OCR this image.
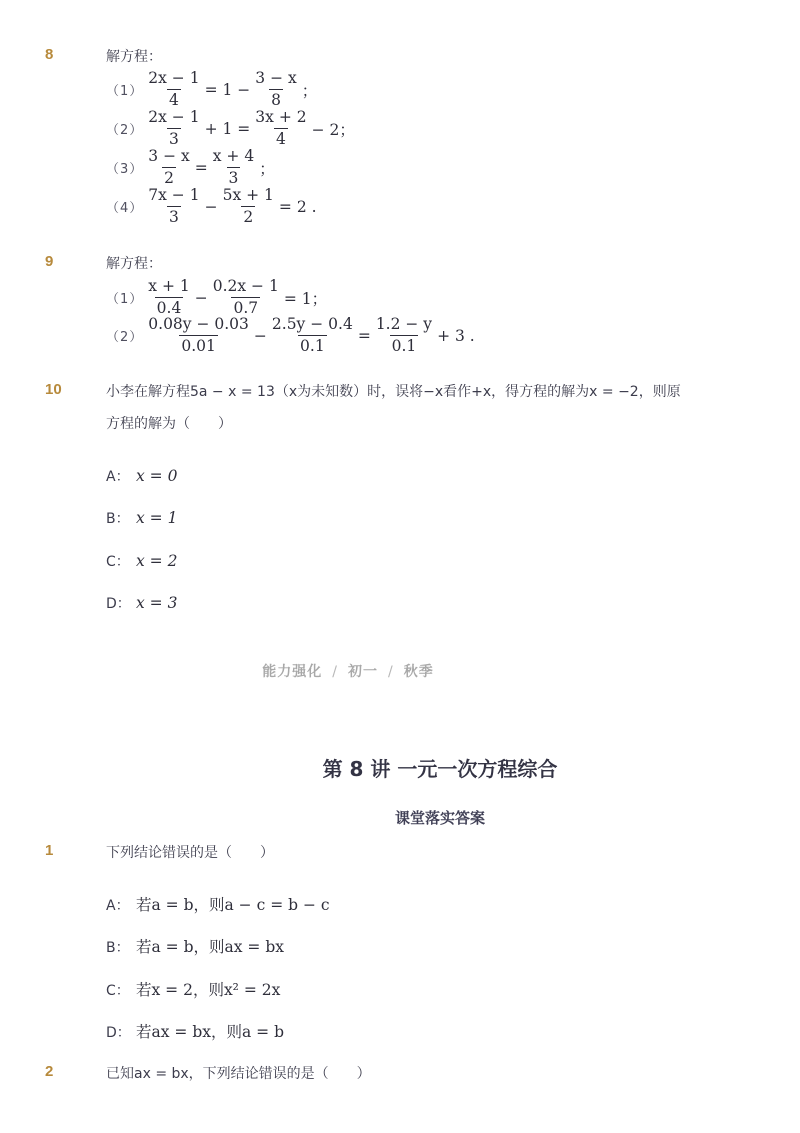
8	解方程：
$(1) \frac{2x - 1}{4} = 1 - \frac{3 - x}{8}$ ；
$(2) \frac{2x - 1}{3} + 1 = \frac{3x + 2}{4} - 2$；
$(3) \frac{3 - x}{2} = \frac{x + 4}{3}$ ；
$(4) \frac{7x - 1}{3} - \frac{5x + 1}{2} = 2$ .
9	解方程：
$(1) \frac{x + 1}{0.4} - \frac{0.2x - 1}{0.7} = 1$；
$(2) \frac{0.08y - 0.03}{0.01} - \frac{2.5y - 0.4}{0.1} = \frac{1.2 - y}{0.1} + 3$ .
10	小李在解方程5a − x = 13（x为未知数）时，误将−x看作+x，得方程的解为x = −2，则原
方程的解为（　　）
A： x = 0
B： x = 1
C： x = 2
D： x = 3
能力强化 / 初一 / 秋季
第 8 讲 一元一次方程综合
课堂落实答案
1	下列结论错误的是（　　）
A： 若a = b，则a − c = b − c
B： 若a = b，则ax = bx
C： 若x = 2，则x² = 2x
D： 若ax = bx，则a = b
2	已知ax = bx，下列结论错误的是（　　）
